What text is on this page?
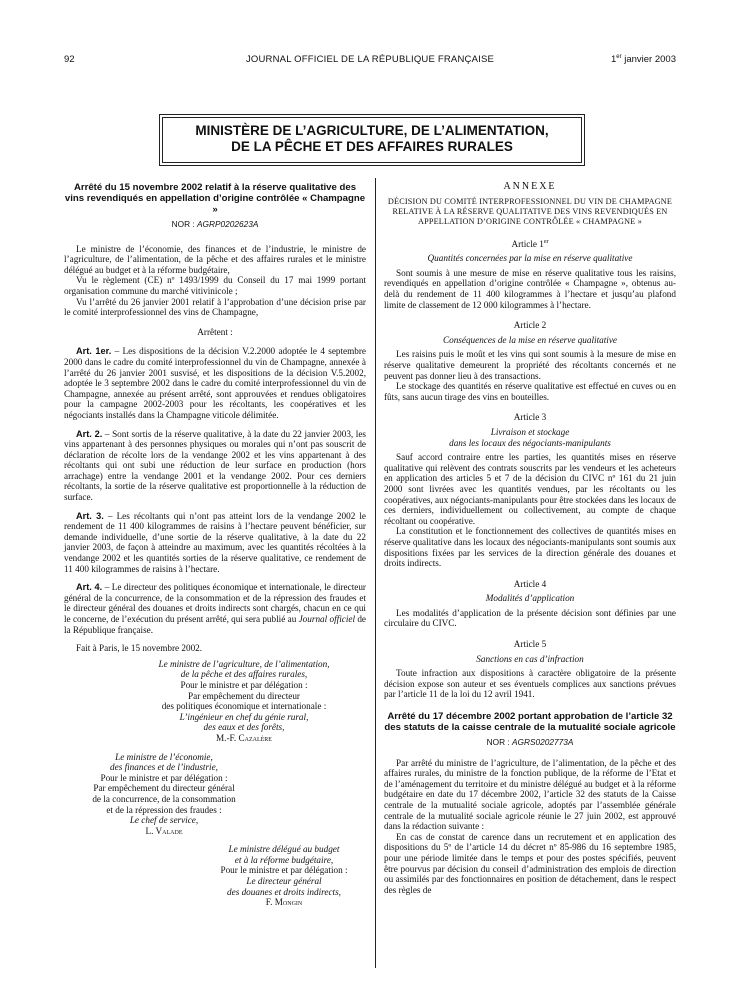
92	JOURNAL OFFICIEL DE LA RÉPUBLIQUE FRANÇAISE	1er janvier 2003
MINISTÈRE DE L’AGRICULTURE, DE L’ALIMENTATION,
DE LA PÊCHE ET DES AFFAIRES RURALES

Arrêté du 15 novembre 2002 relatif à la réserve qualitative des vins revendiqués en appellation d’origine contrôlée « Champagne »

NOR : AGRP0202623A

Le ministre de l’économie, des finances et de l’industrie, le ministre de l’agriculture, de l’alimentation, de la pêche et des affaires rurales et le ministre délégué au budget et à la réforme budgétaire,

Vu le règlement (CE) nº 1493/1999 du Conseil du 17 mai 1999 portant organisation commune du marché vitivinicole ;

Vu l’arrêté du 26 janvier 2001 relatif à l’approbation d’une décision prise par le comité interprofessionnel des vins de Champagne,

Arrêtent :

Art. 1er. – Les dispositions de la décision V.2.2000 adoptée le 4 septembre 2000 dans le cadre du comité interprofessionnel du vin de Champagne, annexée à l’arrêté du 26 janvier 2001 susvisé, et les dispositions de la décision V.5.2002, adoptée le 3 septembre 2002 dans le cadre du comité interprofessionnel du vin de Champagne, annexée au présent arrêté, sont approuvées et rendues obligatoires pour la campagne 2002-2003 pour les récoltants, les coopératives et les négociants installés dans la Champagne viticole délimitée.

Art. 2. – Sont sortis de la réserve qualitative, à la date du 22 janvier 2003, les vins appartenant à des personnes physiques ou morales qui n’ont pas souscrit de déclaration de récolte lors de la vendange 2002 et les vins appartenant à des récoltants qui ont subi une réduction de leur surface en production (hors arrachage) entre la vendange 2001 et la vendange 2002. Pour ces derniers récoltants, la sortie de la réserve qualitative est proportionnelle à la réduction de surface.

Art. 3. – Les récoltants qui n’ont pas atteint lors de la vendange 2002 le rendement de 11 400 kilogrammes de raisins à l’hectare peuvent bénéficier, sur demande individuelle, d’une sortie de la réserve qualitative, à la date du 22 janvier 2003, de façon à atteindre au maximum, avec les quantités récoltées à la vendange 2002 et les quantités sorties de la réserve qualitative, ce rendement de 11 400 kilogrammes de raisins à l’hectare.

Art. 4. – Le directeur des politiques économique et internationale, le directeur général de la concurrence, de la consommation et de la répression des fraudes et le directeur général des douanes et droits indirects sont chargés, chacun en ce qui le concerne, de l’exécution du présent arrêté, qui sera publié au Journal officiel de la République française.

Fait à Paris, le 15 novembre 2002.

Le ministre de l’agriculture, de l’alimentation,
de la pêche et des affaires rurales,
Pour le ministre et par délégation :
Par empêchement du directeur
des politiques économique et internationale :
L’ingénieur en chef du génie rural,
des eaux et des forêts,
M.-F. Cazalère
Le ministre de l’économie,
des finances et de l’industrie,
Pour le ministre et par délégation :
Par empêchement du directeur général
de la concurrence, de la consommation
et de la répression des fraudes :
Le chef de service,
L. Valade
Le ministre délégué au budget
et à la réforme budgétaire,
Pour le ministre et par délégation :
Le directeur général
des douanes et droits indirects,
F. Mongin

ANNEXE

DÉCISION DU COMITÉ INTERPROFESSIONNEL DU VIN DE CHAMPAGNE RELATIVE À LA RÉSERVE QUALITATIVE DES VINS REVENDIQUÉS EN APPELLATION D’ORIGINE CONTRÔLÉE « CHAMPAGNE »

Article 1er

Quantités concernées par la mise en réserve qualitative

Sont soumis à une mesure de mise en réserve qualitative tous les raisins, revendiqués en appellation d’origine contrôlée « Champagne », obtenus au-delà du rendement de 11 400 kilogrammes à l’hectare et jusqu’au plafond limite de classement de 12 000 kilogrammes à l’hectare.

Article 2

Conséquences de la mise en réserve qualitative

Les raisins puis le moût et les vins qui sont soumis à la mesure de mise en réserve qualitative demeurent la propriété des récoltants concernés et ne peuvent pas donner lieu à des transactions.

Le stockage des quantités en réserve qualitative est effectué en cuves ou en fûts, sans aucun tirage des vins en bouteilles.

Article 3

Livraison et stockage

dans les locaux des négociants-manipulants

Sauf accord contraire entre les parties, les quantités mises en réserve qualitative qui relèvent des contrats souscrits par les vendeurs et les acheteurs en application des articles 5 et 7 de la décision du CIVC nº 161 du 21 juin 2000 sont livrées avec les quantités vendues, par les récoltants ou les coopératives, aux négociants-manipulants pour être stockées dans les locaux de ces derniers, individuellement ou collectivement, au compte de chaque récoltant ou coopérative.

La constitution et le fonctionnement des collectives de quantités mises en réserve qualitative dans les locaux des négociants-manipulants sont soumis aux dispositions fixées par les services de la direction générale des douanes et droits indirects.

Article 4

Modalités d’application

Les modalités d’application de la présente décision sont définies par une circulaire du CIVC.

Article 5

Sanctions en cas d’infraction

Toute infraction aux dispositions à caractère obligatoire de la présente décision expose son auteur et ses éventuels complices aux sanctions prévues par l’article 11 de la loi du 12 avril 1941.

Arrêté du 17 décembre 2002 portant approbation de l’article 32 des statuts de la caisse centrale de la mutualité sociale agricole

NOR : AGRS0202773A

Par arrêté du ministre de l’agriculture, de l’alimentation, de la pêche et des affaires rurales, du ministre de la fonction publique, de la réforme de l’Etat et de l’aménagement du territoire et du ministre délégué au budget et à la réforme budgétaire en date du 17 décembre 2002, l’article 32 des statuts de la Caisse centrale de la mutualité sociale agricole, adoptés par l’assemblée générale centrale de la mutualité sociale agricole réunie le 27 juin 2002, est approuvé dans la rédaction suivante :

En cas de constat de carence dans un recrutement et en application des dispositions du 5º de l’article 14 du décret nº 85-986 du 16 septembre 1985, pour une période limitée dans le temps et pour des postes spécifiés, peuvent être pourvus par décision du conseil d’administration des emplois de direction ou assimilés par des fonctionnaires en position de détachement, dans le respect des règles de
